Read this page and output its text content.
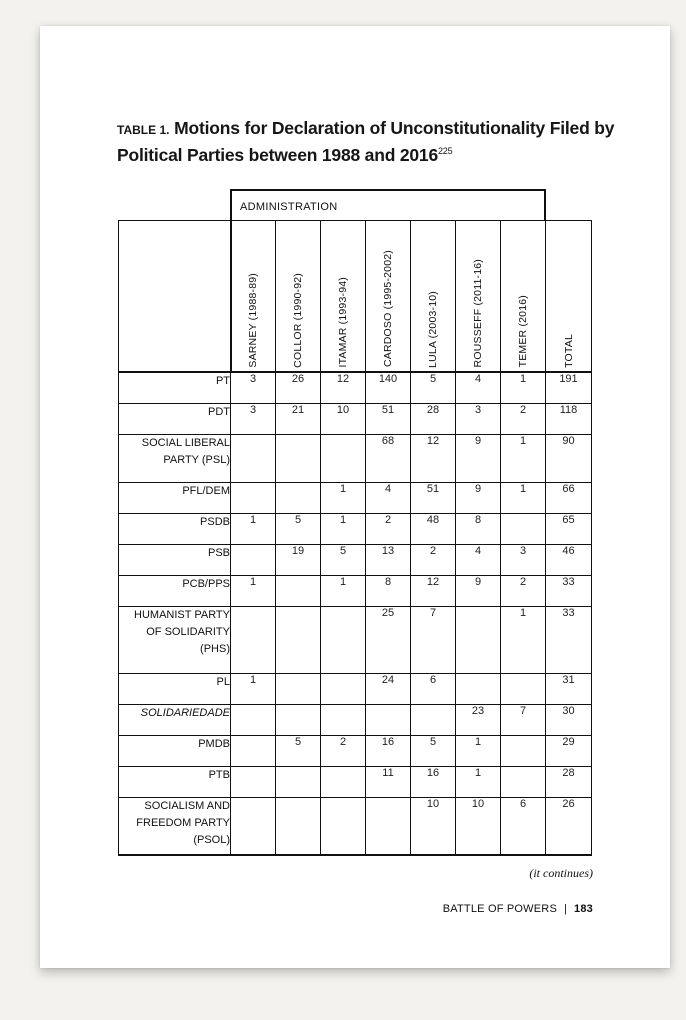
TABLE 1. Motions for Declaration of Unconstitutionality Filed by Political Parties between 1988 and 2016$^{225}$
ADMINISTRATION
	SARNEY (1988-89)	COLLOR (1990-92)	ITAMAR (1993-94)	CARDOSO (1995-2002)	LULA (2003-10)	ROUSSEFF (2011-16)	TEMER (2016)	TOTAL
PT	3	26	12	140	5	4	1	191
PDT	3	21	10	51	28	3	2	118
SOCIAL LIBERAL PARTY (PSL)				68	12	9	1	90
PFL/DEM			1	4	51	9	1	66
PSDB	1	5	1	2	48	8		65
PSB		19	5	13	2	4	3	46
PCB/PPS	1		1	8	12	9	2	33
HUMANIST PARTY OF SOLIDARITY (PHS)				25	7		1	33
PL	1			24	6			31
SOLIDARIEDADE						23	7	30
PMDB		5	2	16	5	1		29
PTB				11	16	1		28
SOCIALISM AND FREEDOM PARTY (PSOL)					10	10	6	26
(it continues)
BATTLE OF POWERS | 183
